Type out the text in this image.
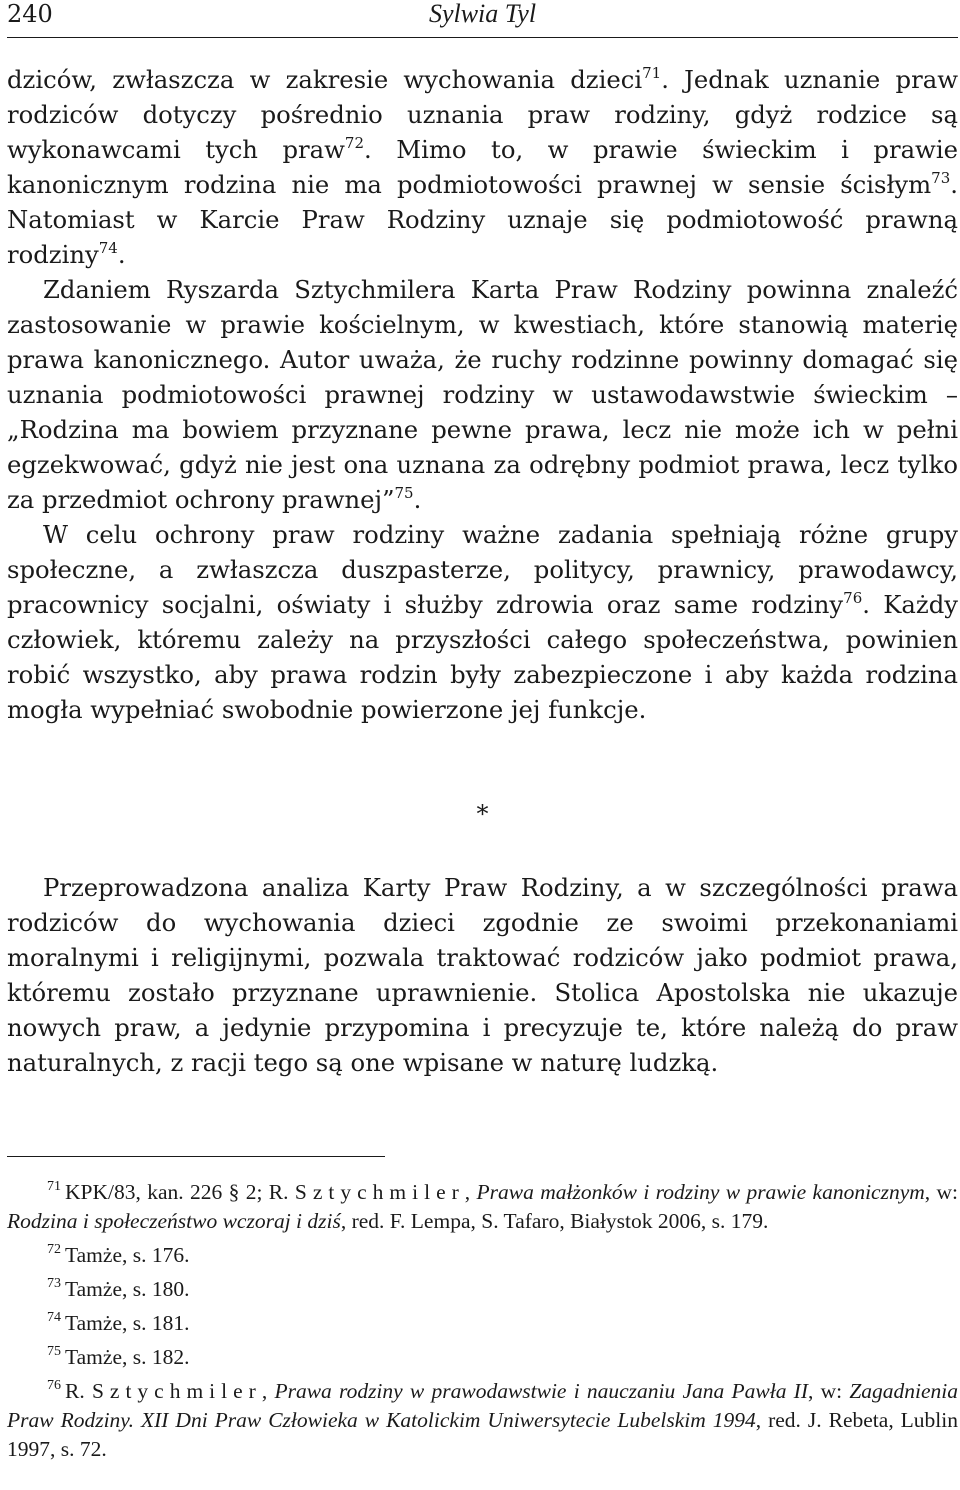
240	Sylwia Tyl

dziców, zwłaszcza w zakresie wychowania dzieci$^{71}$. Jednak uznanie praw rodziców dotyczy pośrednio uznania praw rodziny, gdyż rodzice są wykonawcami tych praw$^{72}$. Mimo to, w prawie świeckim i prawie kanonicznym rodzina nie ma podmiotowości prawnej w sensie ścisłym$^{73}$. Natomiast w Karcie Praw Rodziny uznaje się podmiotowość prawną rodziny$^{74}$.

Zdaniem Ryszarda Sztychmilera Karta Praw Rodziny powinna znaleźć zastosowanie w prawie kościelnym, w kwestiach, które stanowią materię prawa kanonicznego. Autor uważa, że ruchy rodzinne powinny domagać się uznania podmiotowości prawnej rodziny w ustawodawstwie świeckim – „Rodzina ma bowiem przyznane pewne prawa, lecz nie może ich w pełni egzekwować, gdyż nie jest ona uznana za odrębny podmiot prawa, lecz tylko za przedmiot ochrony prawnej”$^{75}$.

W celu ochrony praw rodziny ważne zadania spełniają różne grupy społeczne, a zwłaszcza duszpasterze, politycy, prawnicy, prawodawcy, pracownicy socjalni, oświaty i służby zdrowia oraz same rodziny$^{76}$. Każdy człowiek, któremu zależy na przyszłości całego społeczeństwa, powinien robić wszystko, aby prawa rodzin były zabezpieczone i aby każda rodzina mogła wypełniać swobodnie powierzone jej funkcje.

*

Przeprowadzona analiza Karty Praw Rodziny, a w szczególności prawa rodziców do wychowania dzieci zgodnie ze swoimi przekonaniami moralnymi i religijnymi, pozwala traktować rodziców jako podmiot prawa, któremu zostało przyznane uprawnienie. Stolica Apostolska nie ukazuje nowych praw, a jedynie przypomina i precyzuje te, które należą do praw naturalnych, z racji tego są one wpisane w naturę ludzką.

$^{71}$ KPK/83, kan. 226 § 2; R. Sztychmiler, Prawa małżonków i rodziny w prawie kanonicznym, w: Rodzina i społeczeństwo wczoraj i dziś, red. F. Lempa, S. Tafaro, Białystok 2006, s. 179.

$^{72}$ Tamże, s. 176.

$^{73}$ Tamże, s. 180.

$^{74}$ Tamże, s. 181.

$^{75}$ Tamże, s. 182.

$^{76}$ R. Sztychmiler, Prawa rodziny w prawodawstwie i nauczaniu Jana Pawła II, w: Zagadnienia Praw Rodziny. XII Dni Praw Człowieka w Katolickim Uniwersytecie Lubelskim 1994, red. J. Rebeta, Lublin 1997, s. 72.
